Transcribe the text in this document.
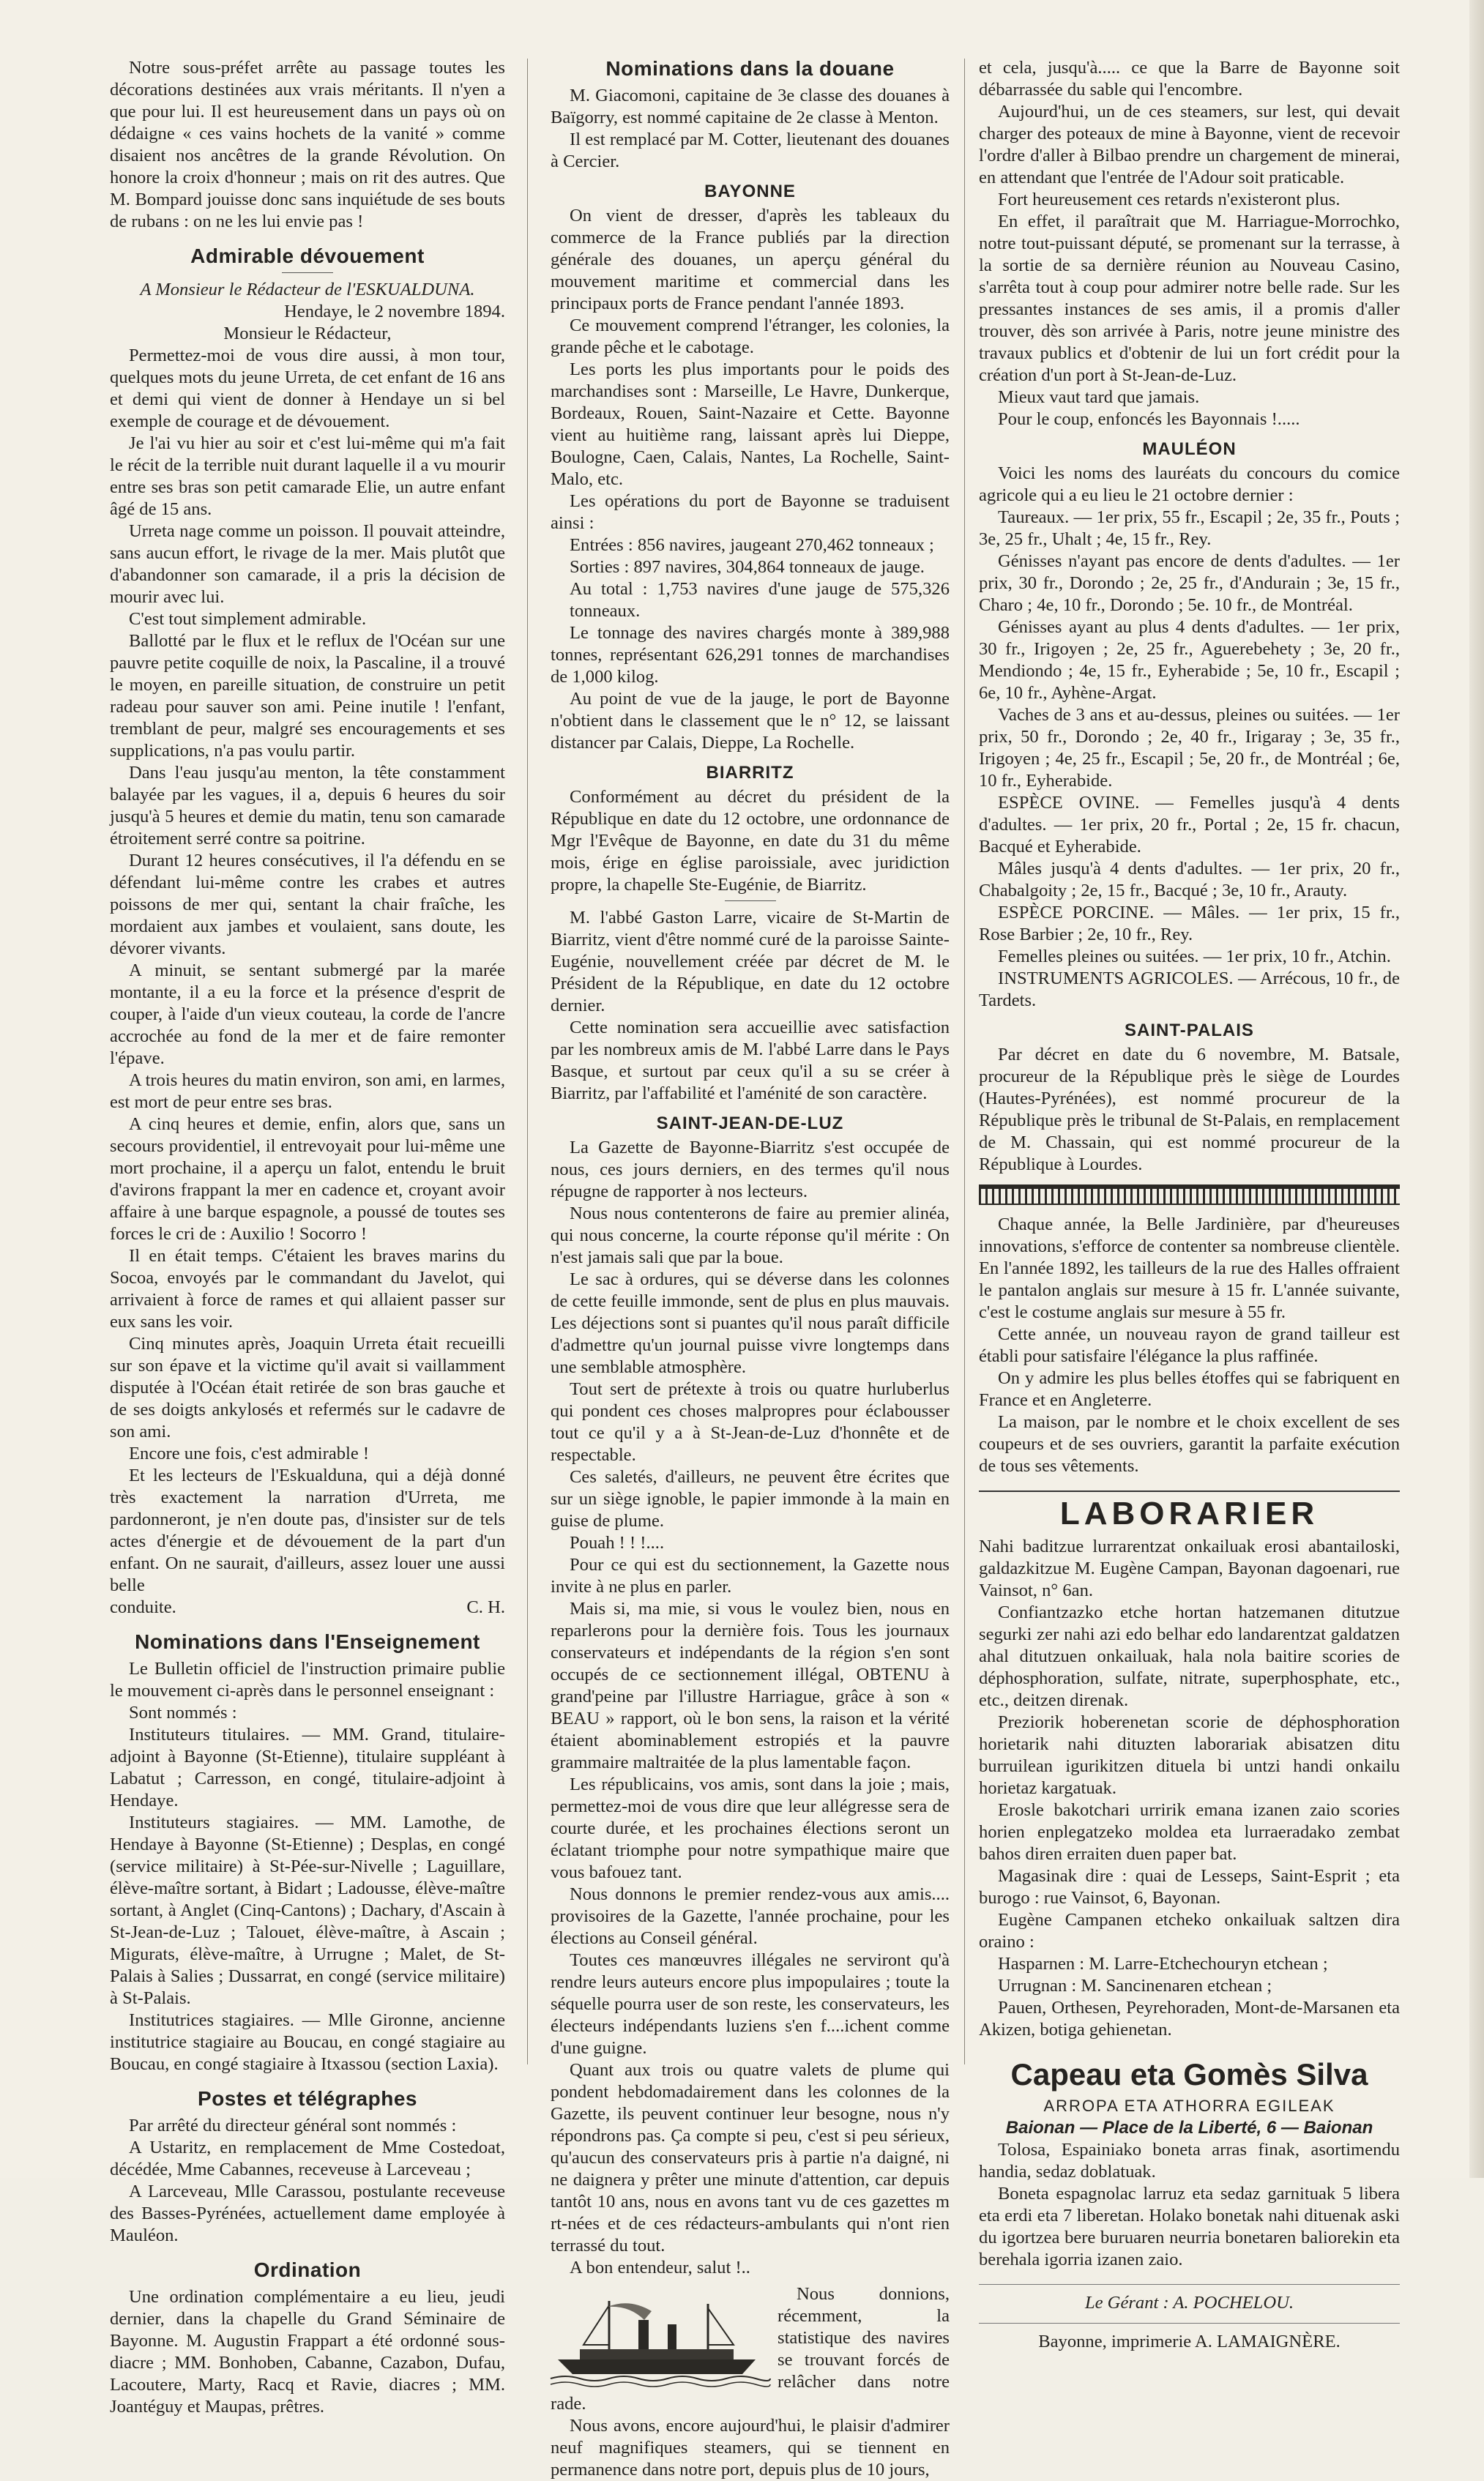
Notre sous-préfet arrête au passage toutes les décorations destinées aux vrais méritants. Il n'yen a que pour lui. Il est heureusement dans un pays où on dédaigne « ces vains hochets de la vanité » comme disaient nos ancêtres de la grande Révolution. On honore la croix d'honneur ; mais on rit des autres. Que M. Bompard jouisse donc sans inquiétude de ses bouts de rubans : on ne les lui envie pas !

Admirable dévouement

A Monsieur le Rédacteur de l'ESKUALDUNA.

Hendaye, le 2 novembre 1894.

Monsieur le Rédacteur,

Permettez-moi de vous dire aussi, à mon tour, quelques mots du jeune Urreta, de cet enfant de 16 ans et demi qui vient de donner à Hendaye un si bel exemple de courage et de dévouement.

Je l'ai vu hier au soir et c'est lui-même qui m'a fait le récit de la terrible nuit durant laquelle il a vu mourir entre ses bras son petit camarade Elie, un autre enfant âgé de 15 ans.

Urreta nage comme un poisson. Il pouvait atteindre, sans aucun effort, le rivage de la mer. Mais plutôt que d'abandonner son camarade, il a pris la décision de mourir avec lui.

C'est tout simplement admirable.

Ballotté par le flux et le reflux de l'Océan sur une pauvre petite coquille de noix, la Pascaline, il a trouvé le moyen, en pareille situation, de construire un petit radeau pour sauver son ami. Peine inutile ! l'enfant, tremblant de peur, malgré ses encouragements et ses supplications, n'a pas voulu partir.

Dans l'eau jusqu'au menton, la tête constamment balayée par les vagues, il a, depuis 6 heures du soir jusqu'à 5 heures et demie du matin, tenu son camarade étroitement serré contre sa poitrine.

Durant 12 heures consécutives, il l'a défendu en se défendant lui-même contre les crabes et autres poissons de mer qui, sentant la chair fraîche, les mordaient aux jambes et voulaient, sans doute, les dévorer vivants.

A minuit, se sentant submergé par la marée montante, il a eu la force et la présence d'esprit de couper, à l'aide d'un vieux couteau, la corde de l'ancre accrochée au fond de la mer et de faire remonter l'épave.

A trois heures du matin environ, son ami, en larmes, est mort de peur entre ses bras.

A cinq heures et demie, enfin, alors que, sans un secours providentiel, il entrevoyait pour lui-même une mort prochaine, il a aperçu un falot, entendu le bruit d'avirons frappant la mer en cadence et, croyant avoir affaire à une barque espagnole, a poussé de toutes ses forces le cri de : Auxilio ! Socorro !

Il en était temps. C'étaient les braves marins du Socoa, envoyés par le commandant du Javelot, qui arrivaient à force de rames et qui allaient passer sur eux sans les voir.

Cinq minutes après, Joaquin Urreta était recueilli sur son épave et la victime qu'il avait si vaillamment disputée à l'Océan était retirée de son bras gauche et de ses doigts ankylosés et refermés sur le cadavre de son ami.

Encore une fois, c'est admirable !

Et les lecteurs de l'Eskualduna, qui a déjà donné très exactement la narration d'Urreta, me pardonneront, je n'en doute pas, d'insister sur de tels actes d'énergie et de dévouement de la part d'un enfant. On ne saurait, d'ailleurs, assez louer une aussi belle

conduite.	C. H.
Nominations dans l'Enseignement

Le Bulletin officiel de l'instruction primaire publie le mouvement ci-après dans le personnel enseignant :

Sont nommés :

Instituteurs titulaires. — MM. Grand, titulaire-adjoint à Bayonne (St-Etienne), titulaire suppléant à Labatut ; Carresson, en congé, titulaire-adjoint à Hendaye.

Instituteurs stagiaires. — MM. Lamothe, de Hendaye à Bayonne (St-Etienne) ; Desplas, en congé (service militaire) à St-Pée-sur-Nivelle ; Laguillare, élève-maître sortant, à Bidart ; Ladousse, élève-maître sortant, à Anglet (Cinq-Cantons) ; Dachary, d'Ascain à St-Jean-de-Luz ; Talouet, élève-maître, à Ascain ; Migurats, élève-maître, à Urrugne ; Malet, de St-Palais à Salies ; Dussarrat, en congé (service militaire) à St-Palais.

Institutrices stagiaires. — Mlle Gironne, ancienne institutrice stagiaire au Boucau, en congé stagiaire au Boucau, en congé stagiaire à Itxassou (section Laxia).

Postes et télégraphes

Par arrêté du directeur général sont nommés :

A Ustaritz, en remplacement de Mme Costedoat, décédée, Mme Cabannes, receveuse à Larceveau ;

A Larceveau, Mlle Carassou, postulante receveuse des Basses-Pyrénées, actuellement dame employée à Mauléon.

Ordination

Une ordination complémentaire a eu lieu, jeudi dernier, dans la chapelle du Grand Séminaire de Bayonne. M. Augustin Frappart a été ordonné sous-diacre ; MM. Bonhoben, Cabanne, Cazabon, Dufau, Lacoutere, Marty, Racq et Ravie, diacres ; MM. Joantéguy et Maupas, prêtres.

Nominations dans la douane

M. Giacomoni, capitaine de 3e classe des douanes à Baïgorry, est nommé capitaine de 2e classe à Menton.

Il est remplacé par M. Cotter, lieutenant des douanes à Cercier.

BAYONNE

On vient de dresser, d'après les tableaux du commerce de la France publiés par la direction générale des douanes, un aperçu général du mouvement maritime et commercial dans les principaux ports de France pendant l'année 1893.

Ce mouvement comprend l'étranger, les colonies, la grande pêche et le cabotage.

Les ports les plus importants pour le poids des marchandises sont : Marseille, Le Havre, Dunkerque, Bordeaux, Rouen, Saint-Nazaire et Cette. Bayonne vient au huitième rang, laissant après lui Dieppe, Boulogne, Caen, Calais, Nantes, La Rochelle, Saint-Malo, etc.

Les opérations du port de Bayonne se traduisent ainsi :

Entrées : 856 navires, jaugeant 270,462 tonneaux ;

Sorties : 897 navires, 304,864 tonneaux de jauge.

Au total : 1,753 navires d'une jauge de 575,326 tonneaux.

Le tonnage des navires chargés monte à 389,988 tonnes, représentant 626,291 tonnes de marchandises de 1,000 kilog.

Au point de vue de la jauge, le port de Bayonne n'obtient dans le classement que le n° 12, se laissant distancer par Calais, Dieppe, La Rochelle.

BIARRITZ

Conformément au décret du président de la République en date du 12 octobre, une ordonnance de Mgr l'Evêque de Bayonne, en date du 31 du même mois, érige en église paroissiale, avec juridiction propre, la chapelle Ste-Eugénie, de Biarritz.

M. l'abbé Gaston Larre, vicaire de St-Martin de Biarritz, vient d'être nommé curé de la paroisse Sainte-Eugénie, nouvellement créée par décret de M. le Président de la République, en date du 12 octobre dernier.

Cette nomination sera accueillie avec satisfaction par les nombreux amis de M. l'abbé Larre dans le Pays Basque, et surtout par ceux qu'il a su se créer à Biarritz, par l'affabilité et l'aménité de son caractère.

SAINT-JEAN-DE-LUZ

La Gazette de Bayonne-Biarritz s'est occupée de nous, ces jours derniers, en des termes qu'il nous répugne de rapporter à nos lecteurs.

Nous nous contenterons de faire au premier alinéa, qui nous concerne, la courte réponse qu'il mérite : On n'est jamais sali que par la boue.

Le sac à ordures, qui se déverse dans les colonnes de cette feuille immonde, sent de plus en plus mauvais. Les déjections sont si puantes qu'il nous paraît difficile d'admettre qu'un journal puisse vivre longtemps dans une semblable atmosphère.

Tout sert de prétexte à trois ou quatre hurluberlus qui pondent ces choses malpropres pour éclabousser tout ce qu'il y a à St-Jean-de-Luz d'honnête et de respectable.

Ces saletés, d'ailleurs, ne peuvent être écrites que sur un siège ignoble, le papier immonde à la main en guise de plume.

Pouah ! ! !....

Pour ce qui est du sectionnement, la Gazette nous invite à ne plus en parler.

Mais si, ma mie, si vous le voulez bien, nous en reparlerons pour la dernière fois. Tous les journaux conservateurs et indépendants de la région s'en sont occupés de ce sectionnement illégal, OBTENU à grand'peine par l'illustre Harriague, grâce à son « BEAU » rapport, où le bon sens, la raison et la vérité étaient abominablement estropiés et la pauvre grammaire maltraitée de la plus lamentable façon.

Les républicains, vos amis, sont dans la joie ; mais, permettez-moi de vous dire que leur allégresse sera de courte durée, et les prochaines élections seront un éclatant triomphe pour notre sympathique maire que vous bafouez tant.

Nous donnons le premier rendez-vous aux amis.... provisoires de la Gazette, l'année prochaine, pour les élections au Conseil général.

Toutes ces manœuvres illégales ne serviront qu'à rendre leurs auteurs encore plus impopulaires ; toute la séquelle pourra user de son reste, les conservateurs, les électeurs indépendants luziens s'en f....ichent comme d'une guigne.

Quant aux trois ou quatre valets de plume qui pondent hebdomadairement dans les colonnes de la Gazette, ils peuvent continuer leur besogne, nous n'y répondrons pas. Ça compte si peu, c'est si peu sérieux, qu'aucun des conservateurs pris à partie n'a daigné, ni ne daignera y prêter une minute d'attention, car depuis tantôt 10 ans, nous en avons tant vu de ces gazettes m rt-nées et de ces rédacteurs-ambulants qui n'ont rien terrassé du tout.

A bon entendeur, salut !..

Nous donnions, récemment, la statistique des navires se trouvant forcés de relâcher dans notre rade.

Nous avons, encore aujourd'hui, le plaisir d'admirer neuf magnifiques steamers, qui se tiennent en permanence dans notre port, depuis plus de 10 jours,

et cela, jusqu'à..... ce que la Barre de Bayonne soit débarrassée du sable qui l'encombre.

Aujourd'hui, un de ces steamers, sur lest, qui devait charger des poteaux de mine à Bayonne, vient de recevoir l'ordre d'aller à Bilbao prendre un chargement de minerai, en attendant que l'entrée de l'Adour soit praticable.

Fort heureusement ces retards n'existeront plus.

En effet, il paraîtrait que M. Harriague-Morrochko, notre tout-puissant député, se promenant sur la terrasse, à la sortie de sa dernière réunion au Nouveau Casino, s'arrêta tout à coup pour admirer notre belle rade. Sur les pressantes instances de ses amis, il a promis d'aller trouver, dès son arrivée à Paris, notre jeune ministre des travaux publics et d'obtenir de lui un fort crédit pour la création d'un port à St-Jean-de-Luz.

Mieux vaut tard que jamais.

Pour le coup, enfoncés les Bayonnais !.....

MAULÉON

Voici les noms des lauréats du concours du comice agricole qui a eu lieu le 21 octobre dernier :

Taureaux. — 1er prix, 55 fr., Escapil ; 2e, 35 fr., Pouts ; 3e, 25 fr., Uhalt ; 4e, 15 fr., Rey.

Génisses n'ayant pas encore de dents d'adultes. — 1er prix, 30 fr., Dorondo ; 2e, 25 fr., d'Andurain ; 3e, 15 fr., Charo ; 4e, 10 fr., Dorondo ; 5e. 10 fr., de Montréal.

Génisses ayant au plus 4 dents d'adultes. — 1er prix, 30 fr., Irigoyen ; 2e, 25 fr., Aguerebehety ; 3e, 20 fr., Mendiondo ; 4e, 15 fr., Eyherabide ; 5e, 10 fr., Escapil ; 6e, 10 fr., Ayhène-Argat.

Vaches de 3 ans et au-dessus, pleines ou suitées. — 1er prix, 50 fr., Dorondo ; 2e, 40 fr., Irigaray ; 3e, 35 fr., Irigoyen ; 4e, 25 fr., Escapil ; 5e, 20 fr., de Montréal ; 6e, 10 fr., Eyherabide.

ESPÈCE OVINE. — Femelles jusqu'à 4 dents d'adultes. — 1er prix, 20 fr., Portal ; 2e, 15 fr. chacun, Bacqué et Eyherabide.

Mâles jusqu'à 4 dents d'adultes. — 1er prix, 20 fr., Chabalgoity ; 2e, 15 fr., Bacqué ; 3e, 10 fr., Arauty.

ESPÈCE PORCINE. — Mâles. — 1er prix, 15 fr., Rose Barbier ; 2e, 10 fr., Rey.

Femelles pleines ou suitées. — 1er prix, 10 fr., Atchin.

INSTRUMENTS AGRICOLES. — Arrécous, 10 fr., de Tardets.

SAINT-PALAIS

Par décret en date du 6 novembre, M. Batsale, procureur de la République près le siège de Lourdes (Hautes-Pyrénées), est nommé procureur de la République près le tribunal de St-Palais, en remplacement de M. Chassain, qui est nommé procureur de la République à Lourdes.

Chaque année, la Belle Jardinière, par d'heureuses innovations, s'efforce de contenter sa nombreuse clientèle. En l'année 1892, les tailleurs de la rue des Halles offraient le pantalon anglais sur mesure à 15 fr. L'année suivante, c'est le costume anglais sur mesure à 55 fr.

Cette année, un nouveau rayon de grand tailleur est établi pour satisfaire l'élégance la plus raffinée.

On y admire les plus belles étoffes qui se fabriquent en France et en Angleterre.

La maison, par le nombre et le choix excellent de ses coupeurs et de ses ouvriers, garantit la parfaite exécution de tous ses vêtements.

LABORARIER

Nahi baditzue lurrarentzat onkailuak erosi abantailoski, galdazkitzue M. Eugène Campan, Bayonan dagoenari, rue Vainsot, n° 6an.

Confiantzazko etche hortan hatzemanen ditutzue segurki zer nahi azi edo belhar edo landarentzat galdatzen ahal ditutzuen onkailuak, hala nola baitire scories de déphosphoration, sulfate, nitrate, superphosphate, etc., etc., deitzen direnak.

Preziorik hoberenetan scorie de déphosphoration horietarik nahi dituzten laborariak abisatzen ditu burruilean igurikitzen dituela bi untzi handi onkailu horietaz kargatuak.

Erosle bakotchari urririk emana izanen zaio scories horien enplegatzeko moldea eta lurraeradako zembat bahos diren erraiten duen paper bat.

Magasinak dire : quai de Lesseps, Saint-Esprit ; eta burogo : rue Vainsot, 6, Bayonan.

Eugène Campanen etcheko onkailuak saltzen dira oraino :

Hasparnen : M. Larre-Etchechouryn etchean ;

Urrugnan : M. Sancinenaren etchean ;

Pauen, Orthesen, Peyrehoraden, Mont-de-Marsanen eta Akizen, botiga gehienetan.

Capeau eta Gomès Silva

ARROPA ETA ATHORRA EGILEAK

Baionan — Place de la Liberté, 6 — Baionan

Tolosa, Espainiako boneta arras finak, asortimendu handia, sedaz doblatuak.

Boneta espagnolac larruz eta sedaz garnituak 5 libera eta erdi eta 7 liberetan. Holako bonetak nahi dituenak aski du igortzea bere buruaren neurria bonetaren baliorekin eta berehala igorria izanen zaio.

Le Gérant : A. POCHELOU.

Bayonne, imprimerie A. LAMAIGNÈRE.
